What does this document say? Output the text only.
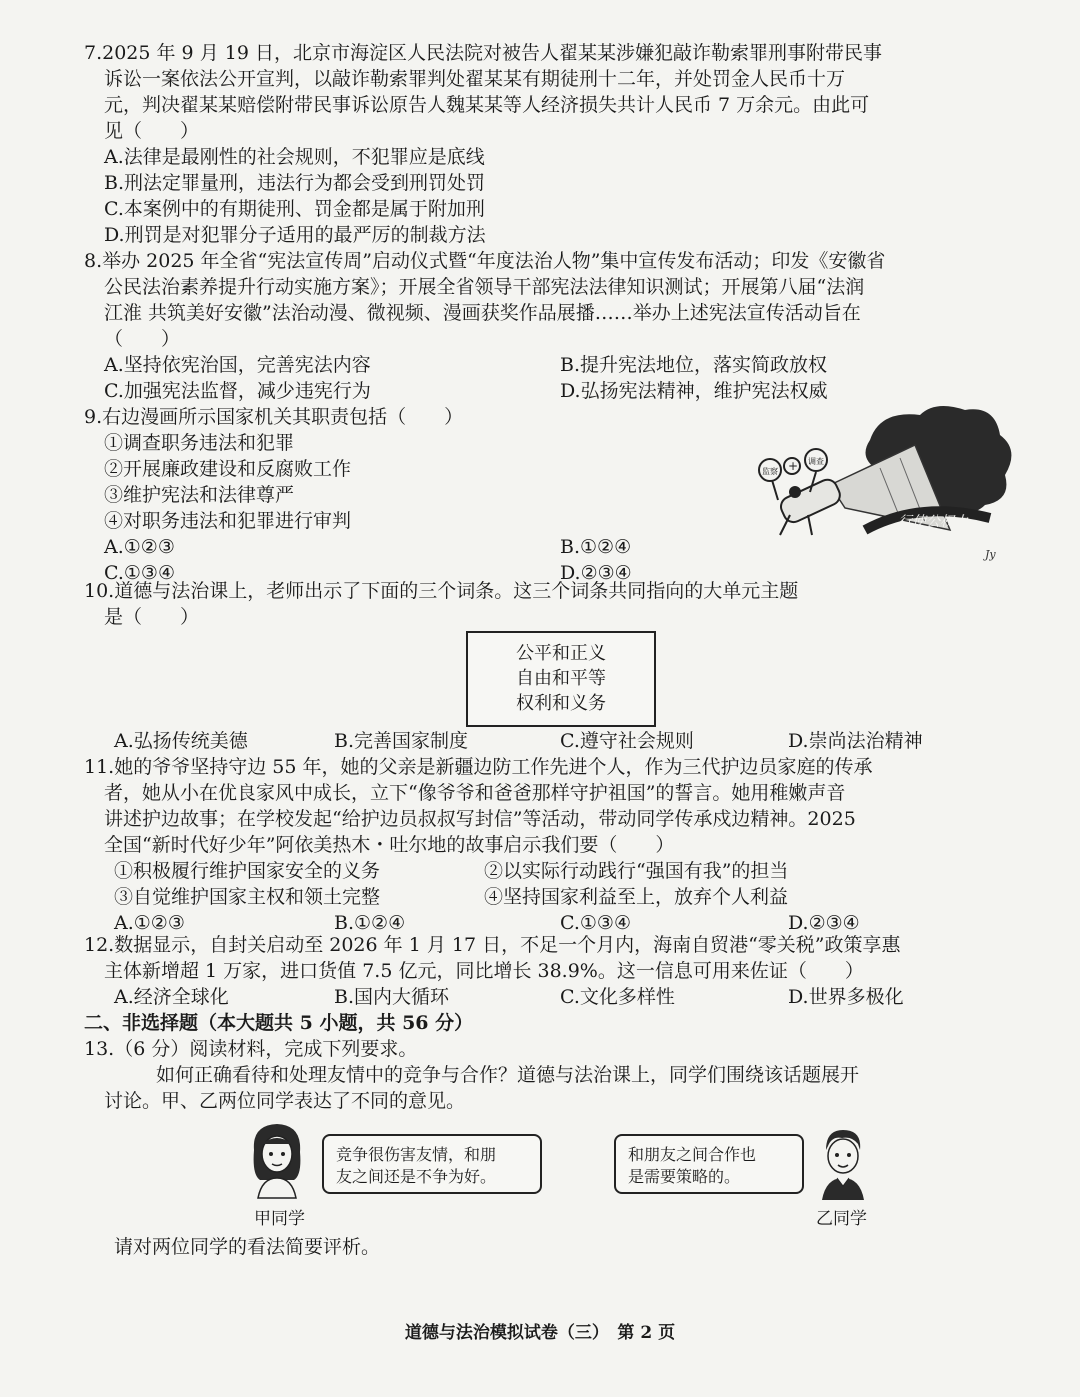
7.2025 年 9 月 19 日，北京市海淀区人民法院对被告人翟某某涉嫌犯敲诈勒索罪刑事附带民事
诉讼一案依法公开宣判，以敲诈勒索罪判处翟某某有期徒刑十二年，并处罚金人民币十万
元，判决翟某某赔偿附带民事诉讼原告人魏某某等人经济损失共计人民币 7 万余元。由此可
见（　　）
A.法律是最刚性的社会规则，不犯罪应是底线
B.刑法定罪量刑，违法行为都会受到刑罚处罚
C.本案例中的有期徒刑、罚金都是属于附加刑
D.刑罚是对犯罪分子适用的最严厉的制裁方法
8.举办 2025 年全省“宪法宣传周”启动仪式暨“年度法治人物”集中宣传发布活动；印发《安徽省
公民法治素养提升行动实施方案》；开展全省领导干部宪法法律知识测试；开展第八届“法润
江淮 共筑美好安徽”法治动漫、微视频、漫画获奖作品展播……举办上述宪法宣传活动旨在
（　　）
A.坚持依宪治国，完善宪法内容	B.提升宪法地位，落实简政放权
C.加强宪法监督，减少违宪行为	D.弘扬宪法精神，维护宪法权威
9.右边漫画所示国家机关其职责包括（　　）
①调查职务违法和犯罪
②开展廉政建设和反腐败工作
③维护宪法和法律尊严
④对职务违法和犯罪进行审判
A.①②③	B.①②④
C.①③④	D.②③④
行使公权力
监察 + 调查
Jy
10.道德与法治课上，老师出示了下面的三个词条。这三个词条共同指向的大单元主题
是（　　）
公平和正义
自由和平等
权利和义务
A.弘扬传统美德	B.完善国家制度	C.遵守社会规则	D.崇尚法治精神
11.她的爷爷坚持守边 55 年，她的父亲是新疆边防工作先进个人，作为三代护边员家庭的传承
者，她从小在优良家风中成长，立下“像爷爷和爸爸那样守护祖国”的誓言。她用稚嫩声音
讲述护边故事；在学校发起“给护边员叔叔写封信”等活动，带动同学传承戍边精神。2025
全国“新时代好少年”阿依美热木・吐尔地的故事启示我们要（　　）
①积极履行维护国家安全的义务	②以实际行动践行“强国有我”的担当
③自觉维护国家主权和领土完整	④坚持国家利益至上，放弃个人利益
A.①②③	B.①②④	C.①③④	D.②③④
12.数据显示，自封关启动至 2026 年 1 月 17 日，不足一个月内，海南自贸港“零关税”政策享惠
主体新增超 1 万家，进口货值 7.5 亿元，同比增长 38.9%。这一信息可用来佐证（　　）
A.经济全球化	B.国内大循环	C.文化多样性	D.世界多极化
二、非选择题（本大题共 5 小题，共 56 分）
13.（6 分）阅读材料，完成下列要求。
如何正确看待和处理友情中的竞争与合作？道德与法治课上，同学们围绕该话题展开
讨论。甲、乙两位同学表达了不同的意见。
竞争很伤害友情，和朋
友之间还是不争为好。
甲同学
和朋友之间合作也
是需要策略的。
乙同学
请对两位同学的看法简要评析。
道德与法治模拟试卷（三）　第 2 页
